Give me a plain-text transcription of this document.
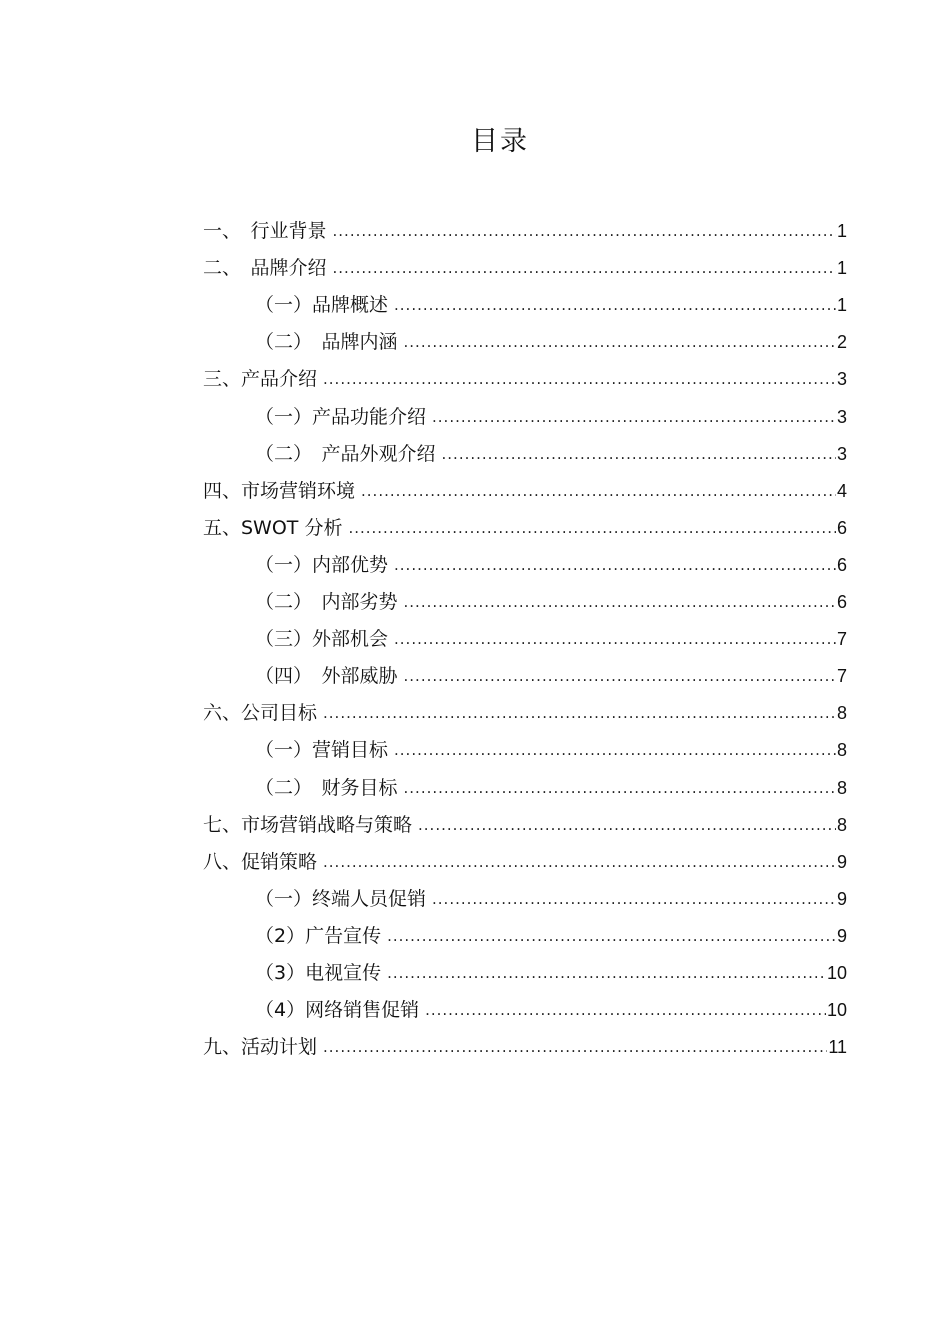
目录
一、　行业背景 .....	1
二、　品牌介绍 .....	1
（一）品牌概述 .....	1
（二）　品牌内涵 .....	2
三、产品介绍 .....	3
（一）产品功能介绍 .....	3
（二）　产品外观介绍 .....	3
四、市场营销环境 .....	4
五、SWOT 分析 .....	6
（一）内部优势 .....	6
（二）　内部劣势 .....	6
（三）外部机会 .....	7
（四）　外部威胁 .....	7
六、公司目标 .....	8
（一）营销目标 .....	8
（二）　财务目标 .....	8
七、市场营销战略与策略 .....	8
八、促销策略 .....	9
（一）终端人员促销 .....	9
（2）广告宣传 .....	9
（3）电视宣传 .....	10
（4）网络销售促销 .....	10
九、活动计划 .....	11
